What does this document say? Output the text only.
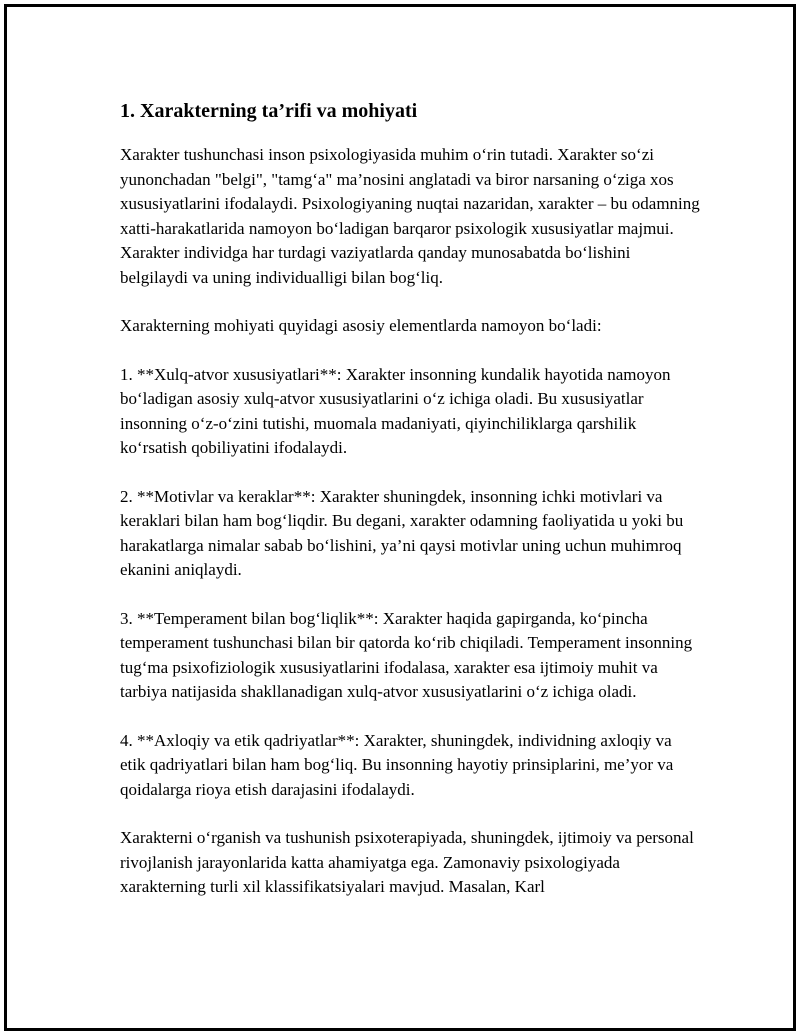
1. Xarakterning ta’rifi va mohiyati

Xarakter tushunchasi inson psixologiyasida muhim o‘rin tutadi. Xarakter so‘zi yunonchadan "belgi", "tamg‘a" ma’nosini anglatadi va biror narsaning o‘ziga xos xususiyatlarini ifodalaydi. Psixologiyaning nuqtai nazaridan, xarakter – bu odamning xatti-harakatlarida namoyon bo‘ladigan barqaror psixologik xususiyatlar majmui. Xarakter individga har turdagi vaziyatlarda qanday munosabatda bo‘lishini belgilaydi va uning individualligi bilan bog‘liq.

Xarakterning mohiyati quyidagi asosiy elementlarda namoyon bo‘ladi:

1. **Xulq-atvor xususiyatlari**: Xarakter insonning kundalik hayotida namoyon bo‘ladigan asosiy xulq-atvor xususiyatlarini o‘z ichiga oladi. Bu xususiyatlar insonning o‘z-o‘zini tutishi, muomala madaniyati, qiyinchiliklarga qarshilik ko‘rsatish qobiliyatini ifodalaydi.

2. **Motivlar va keraklar**: Xarakter shuningdek, insonning ichki motivlari va keraklari bilan ham bog‘liqdir. Bu degani, xarakter odamning faoliyatida u yoki bu harakatlarga nimalar sabab bo‘lishini, ya’ni qaysi motivlar uning uchun muhimroq ekanini aniqlaydi.

3. **Temperament bilan bog‘liqlik**: Xarakter haqida gapirganda, ko‘pincha temperament tushunchasi bilan bir qatorda ko‘rib chiqiladi. Temperament insonning tug‘ma psixofiziologik xususiyatlarini ifodalasa, xarakter esa ijtimoiy muhit va tarbiya natijasida shakllanadigan xulq-atvor xususiyatlarini o‘z ichiga oladi.

4. **Axloqiy va etik qadriyatlar**: Xarakter, shuningdek, individning axloqiy va etik qadriyatlari bilan ham bog‘liq. Bu insonning hayotiy prinsiplarini, me’yor va qoidalarga rioya etish darajasini ifodalaydi.

Xarakterni o‘rganish va tushunish psixoterapiyada, shuningdek, ijtimoiy va personal rivojlanish jarayonlarida katta ahamiyatga ega. Zamonaviy psixologiyada xarakterning turli xil klassifikatsiyalari mavjud. Masalan, Karl
